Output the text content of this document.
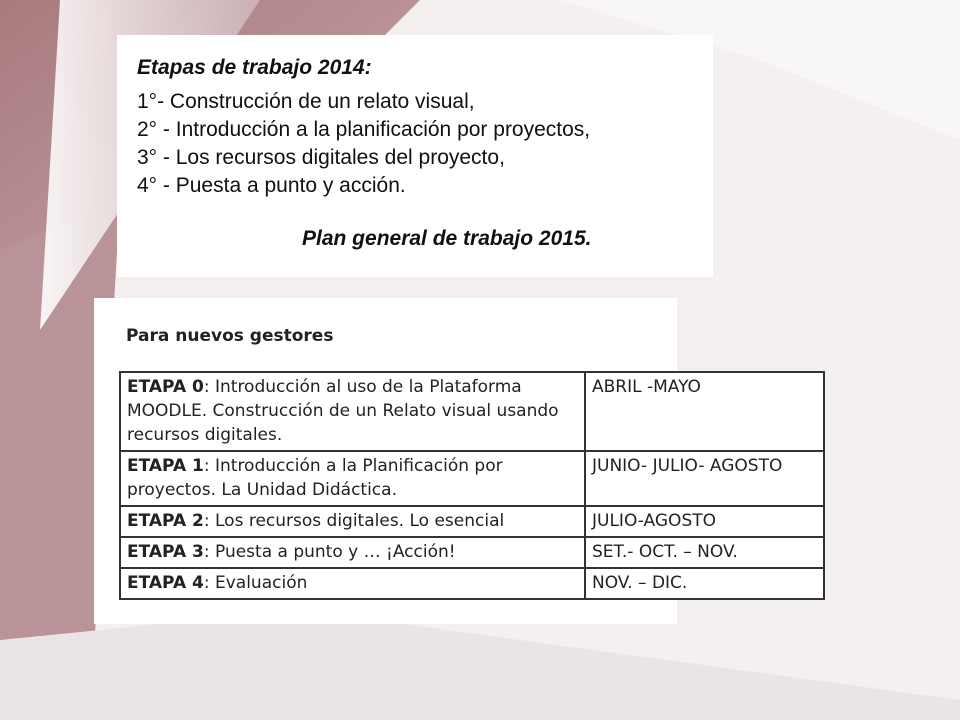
Etapas de trabajo 2014:
1°- Construcción de un relato visual,
2° - Introducción a la planificación por proyectos,
3° - Los recursos digitales del proyecto,
4° - Puesta a punto y acción.

Plan general de trabajo 2015.

Para nuevos gestores

ETAPA 0: Introducción al uso de la Plataforma MOODLE. Construcción de un Relato visual usando recursos digitales.	ABRIL -MAYO
ETAPA 1: Introducción a la Planificación por proyectos. La Unidad Didáctica.	JUNIO- JULIO- AGOSTO
ETAPA 2: Los recursos digitales. Lo esencial	JULIO-AGOSTO
ETAPA 3: Puesta a punto y … ¡Acción!	SET.- OCT. – NOV.
ETAPA 4: Evaluación	NOV. – DIC.
